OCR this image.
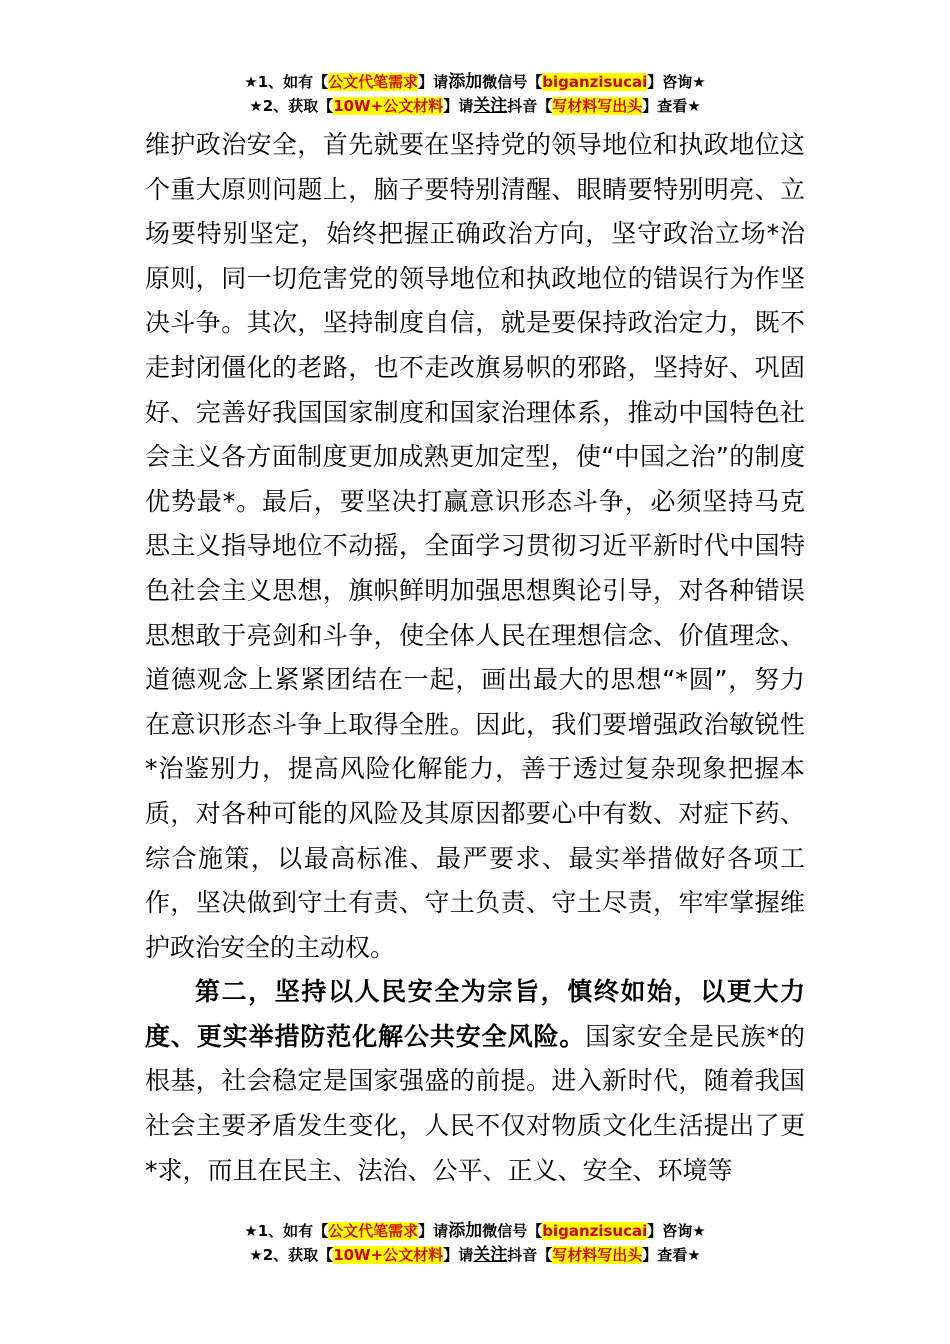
★1、如有【公文代笔需求】请添加微信号【biganzisucai】咨询★
★2、获取【10W+公文材料】请关注抖音【写材料写出头】查看★

维护政治安全，首先就要在坚持党的领导地位和执政地位这个重大原则问题上，脑子要特别清醒、眼睛要特别明亮、立场要特别坚定，始终把握正确政治方向，坚守政治立场*治原则，同一切危害党的领导地位和执政地位的错误行为作坚决斗争。其次，坚持制度自信，就是要保持政治定力，既不走封闭僵化的老路，也不走改旗易帜的邪路，坚持好、巩固好、完善好我国国家制度和国家治理体系，推动中国特色社会主义各方面制度更加成熟更加定型，使“中国之治”的制度优势最*。最后，要坚决打赢意识形态斗争，必须坚持马克思主义指导地位不动摇，全面学习贯彻习近平新时代中国特色社会主义思想，旗帜鲜明加强思想舆论引导，对各种错误思想敢于亮剑和斗争，使全体人民在理想信念、价值理念、道德观念上紧紧团结在一起，画出最大的思想“*圆”，努力在意识形态斗争上取得全胜。因此，我们要增强政治敏锐性*治鉴别力，提高风险化解能力，善于透过复杂现象把握本质，对各种可能的风险及其原因都要心中有数、对症下药、综合施策，以最高标准、最严要求、最实举措做好各项工作，坚决做到守土有责、守土负责、守土尽责，牢牢掌握维护政治安全的主动权。

第二，坚持以人民安全为宗旨，慎终如始，以更大力度、更实举措防范化解公共安全风险。国家安全是民族*的根基，社会稳定是国家强盛的前提。进入新时代，随着我国社会主要矛盾发生变化，人民不仅对物质文化生活提出了更*求，而且在民主、法治、公平、正义、安全、环境等

★1、如有【公文代笔需求】请添加微信号【biganzisucai】咨询★
★2、获取【10W+公文材料】请关注抖音【写材料写出头】查看★
